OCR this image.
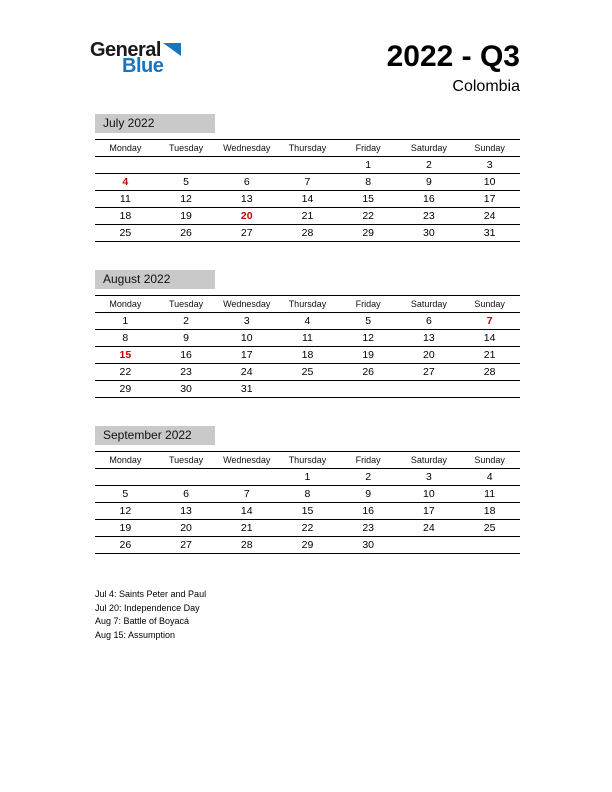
General
Blue	2022 - Q3
Colombia
July 2022
Monday	Tuesday	Wednesday	Thursday	Friday	Saturday	Sunday
				1	2	3
4	5	6	7	8	9	10
11	12	13	14	15	16	17
18	19	20	21	22	23	24
25	26	27	28	29	30	31
August 2022
Monday	Tuesday	Wednesday	Thursday	Friday	Saturday	Sunday
1	2	3	4	5	6	7
8	9	10	11	12	13	14
15	16	17	18	19	20	21
22	23	24	25	26	27	28
29	30	31				
September 2022
Monday	Tuesday	Wednesday	Thursday	Friday	Saturday	Sunday
			1	2	3	4
5	6	7	8	9	10	11
12	13	14	15	16	17	18
19	20	21	22	23	24	25
26	27	28	29	30		
Jul 4: Saints Peter and Paul
Jul 20: Independence Day
Aug 7: Battle of Boyacá
Aug 15: Assumption
